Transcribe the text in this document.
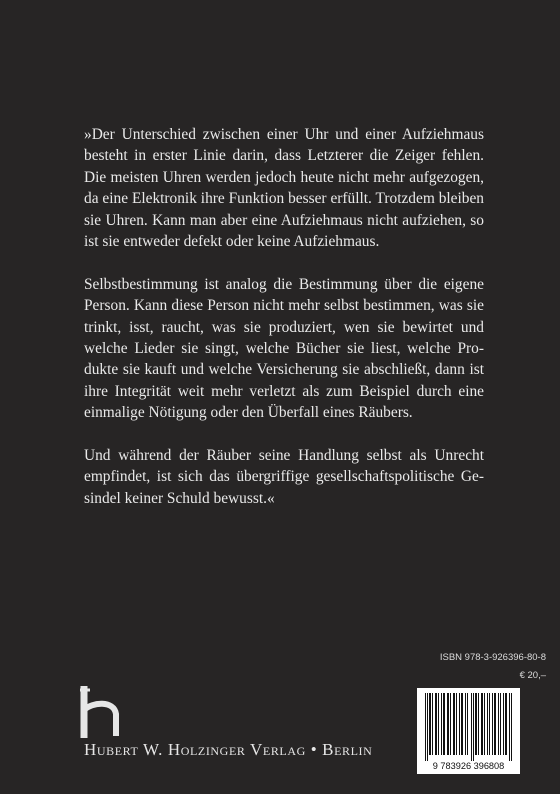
»Der Unterschied zwischen einer Uhr und einer Aufziehmaus besteht in erster Linie darin, dass Letzterer die Zeiger fehlen. Die meisten Uhren werden jedoch heute nicht mehr aufgezogen, da eine Elektronik ihre Funktion besser erfüllt. Trotzdem bleiben sie Uhren. Kann man aber eine Aufziehmaus nicht aufziehen, so ist sie entweder defekt oder keine Aufziehmaus.

Selbstbestimmung ist analog die Bestimmung über die eigene Person. Kann diese Person nicht mehr selbst bestimmen, was sie trinkt, isst, raucht, was sie produziert, wen sie bewirtet und welche Lieder sie singt, welche Bücher sie liest, welche Produkte sie kauft und welche Versicherung sie abschließt, dann ist ihre Integrität weit mehr verletzt als zum Beispiel durch eine einmalige Nötigung oder den Überfall eines Räubers.

Und während der Räuber seine Handlung selbst als Unrecht empfindet, ist sich das übergriffige gesellschaftspolitische Gesindel keiner Schuld bewusst.«

ISBN 978-3-926396-80-8
€ 20,–
9 783926 396808
Hubert W. Holzinger Verlag • Berlin
